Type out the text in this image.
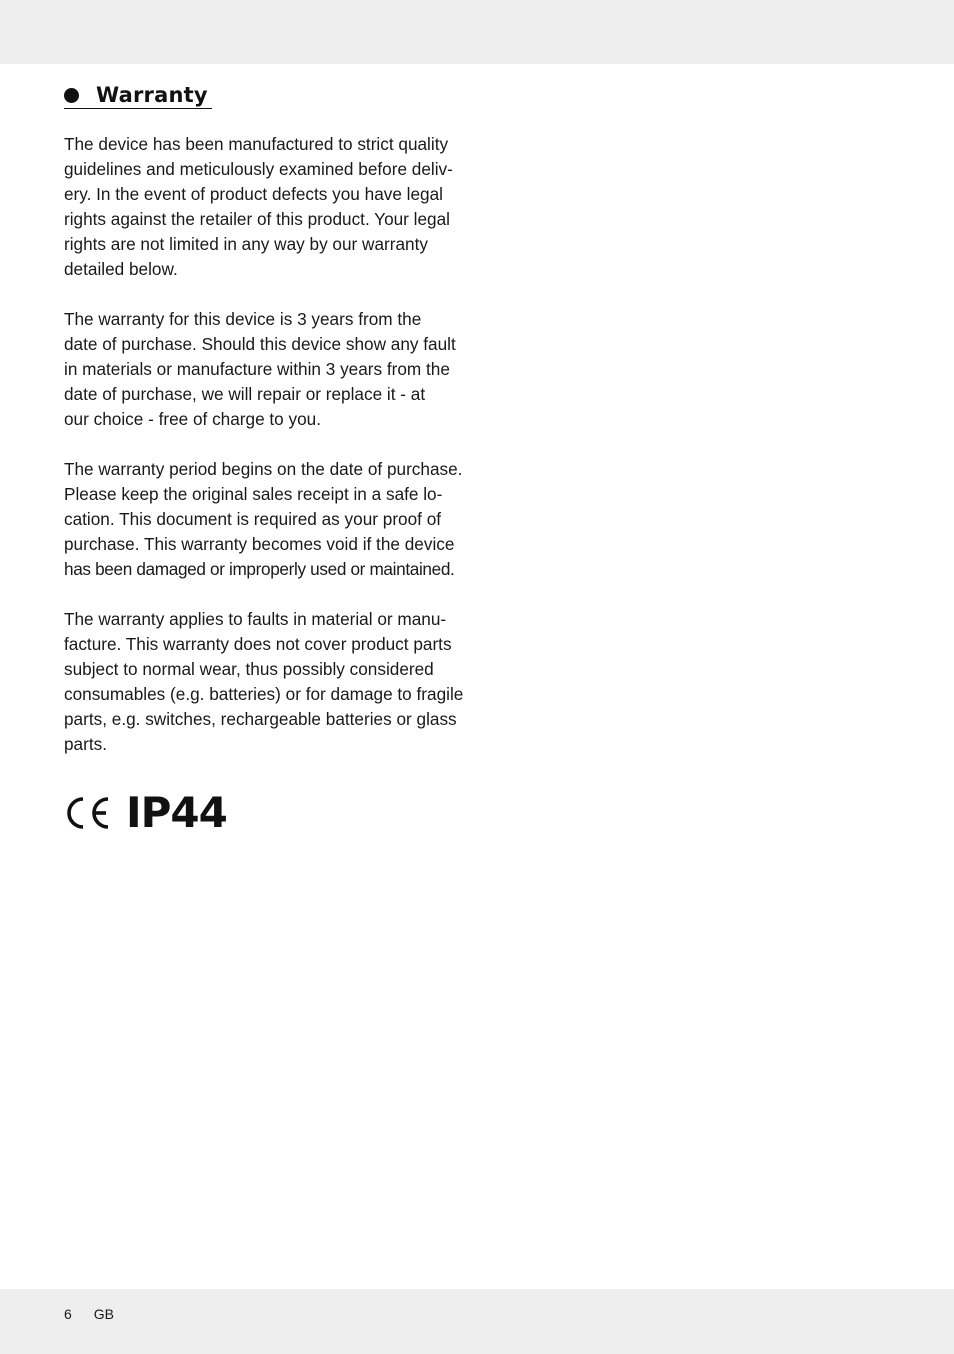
Warranty

The device has been manufactured to strict quality
guidelines and meticulously examined before deliv-
ery. In the event of product defects you have legal
rights against the retailer of this product. Your legal
rights are not limited in any way by our warranty
detailed below.

The warranty for this device is 3 years from the
date of purchase. Should this device show any fault
in materials or manufacture within 3 years from the
date of purchase, we will repair or replace it - at
our choice - free of charge to you.

The warranty period begins on the date of purchase.
Please keep the original sales receipt in a safe lo-
cation. This document is required as your proof of
purchase. This warranty becomes void if the device
has been damaged or improperly used or maintained.

The warranty applies to faults in material or manu-
facture. This warranty does not cover product parts
subject to normal wear, thus possibly considered
consumables (e.g. batteries) or for damage to fragile
parts, e.g. switches, rechargeable batteries or glass
parts.

IP44
6 GB
